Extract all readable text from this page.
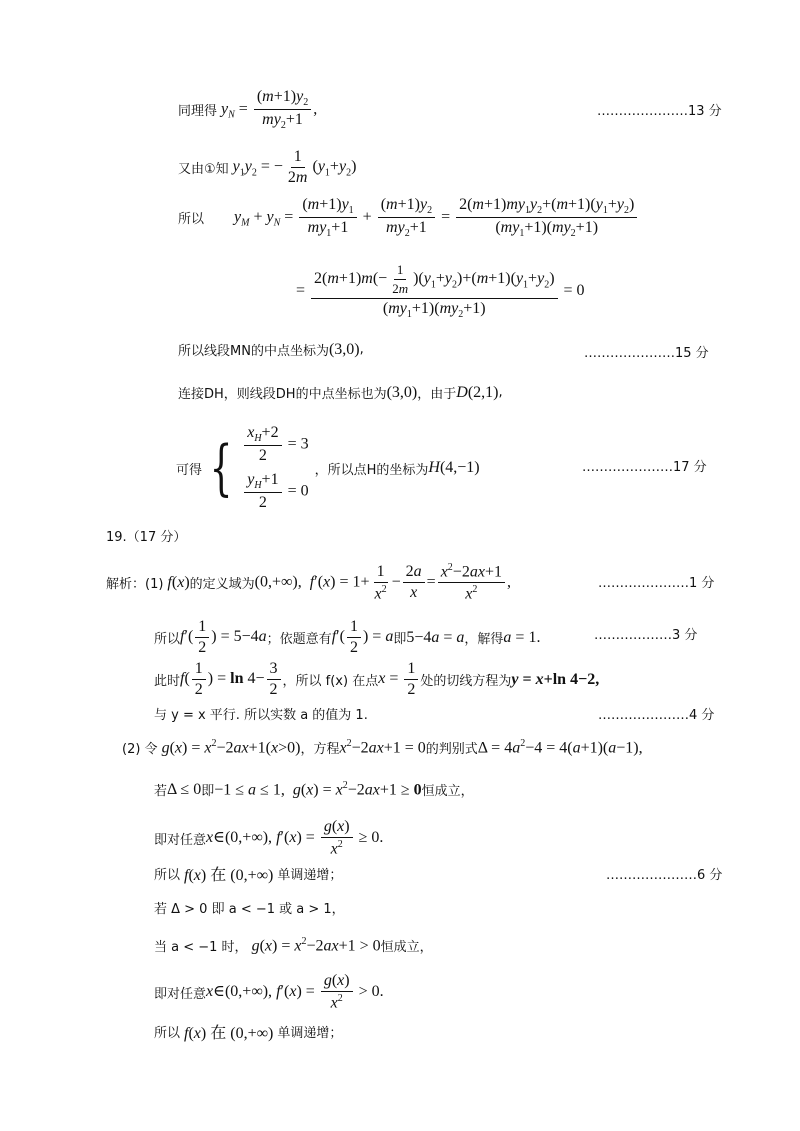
同理得 $y_N = \frac{(m+1)y_2}{my_2+1}$ ,	…………………13 分
又由①知 $y_1y_2$ = − $\frac{1}{2m} (y_1+y_2)$
所以 $y_M + y_N = \frac{(m+1)y_1}{my_1+1} + \frac{(m+1)y_2}{my_2+1} = \frac{2(m+1)my_1y_2+(m+1)(y_1+y_2)}{(my_1+1)(my_2+1)}$
= $\frac{2(m+1)m(- \frac{1}{2m} )(y_1+y_2)+(m+1)(y_1+y_2)}{(my_1+1)(my_2+1)} = 0$
所以线段MN的中点坐标为 (3,0) ,	…………………15 分
连接DH，则线段DH的中点坐标也为 (3,0) ，由于 D(2,1) ,
可得 { $\frac{x_H+2}{2} = 3$
$\frac{y_H+1}{2} = 0$
，所以点H的坐标为 H(4,−1)	…………………17 分
19.（17 分）
解析：(1) f(x) 的定义域为 (0,+∞),  $f'(x) = 1+ \frac{1}{x^2} - \frac{2a}{x} = \frac{x^2-2ax+1}{x^2}$ ,	…………………1 分
所以 $f'( \frac{1}{2}$ ) = 5−4a ；依题意有 $f'( \frac{1}{2}$ ) = a 即 5−4a = a ，解得 a = 1.	………………3 分
此时 $f( \frac{1}{2}$ ) = $\ln 4- \frac{3}{2}$ ，所以 f(x) 在点 $x = \frac{1}{2}$ 处的切线方程为 y = x+ln 4−2,
与 y = x 平行. 所以实数 a 的值为 1.	…………………4 分
(2) 令 $g(x) = x^2-2ax+1(x>0)$ ，方程 $x^2-2ax+1 = 0$ 的判别式 $\Delta = 4a^2-4 = 4(a+1)(a-1)$,
若 Δ ≤ 0 即 −1 ≤ a ≤ 1,  $g(x) = x^2-2ax+1 \ge 0$ 恒成立，
即对任意 x∈(0,+∞), $f'(x) = \frac{g(x)}{x^2} \ge 0$.
所以 f(x) 在 (0,+∞) 单调递增；	…………………6 分
若 Δ > 0 即 a < −1 或 a > 1，
当 a < −1 时， $g(x) = x^2-2ax+1 > 0$ 恒成立，
即对任意 x∈(0,+∞), $f'(x) = \frac{g(x)}{x^2} > 0$.
所以 f(x) 在 (0,+∞) 单调递增；
